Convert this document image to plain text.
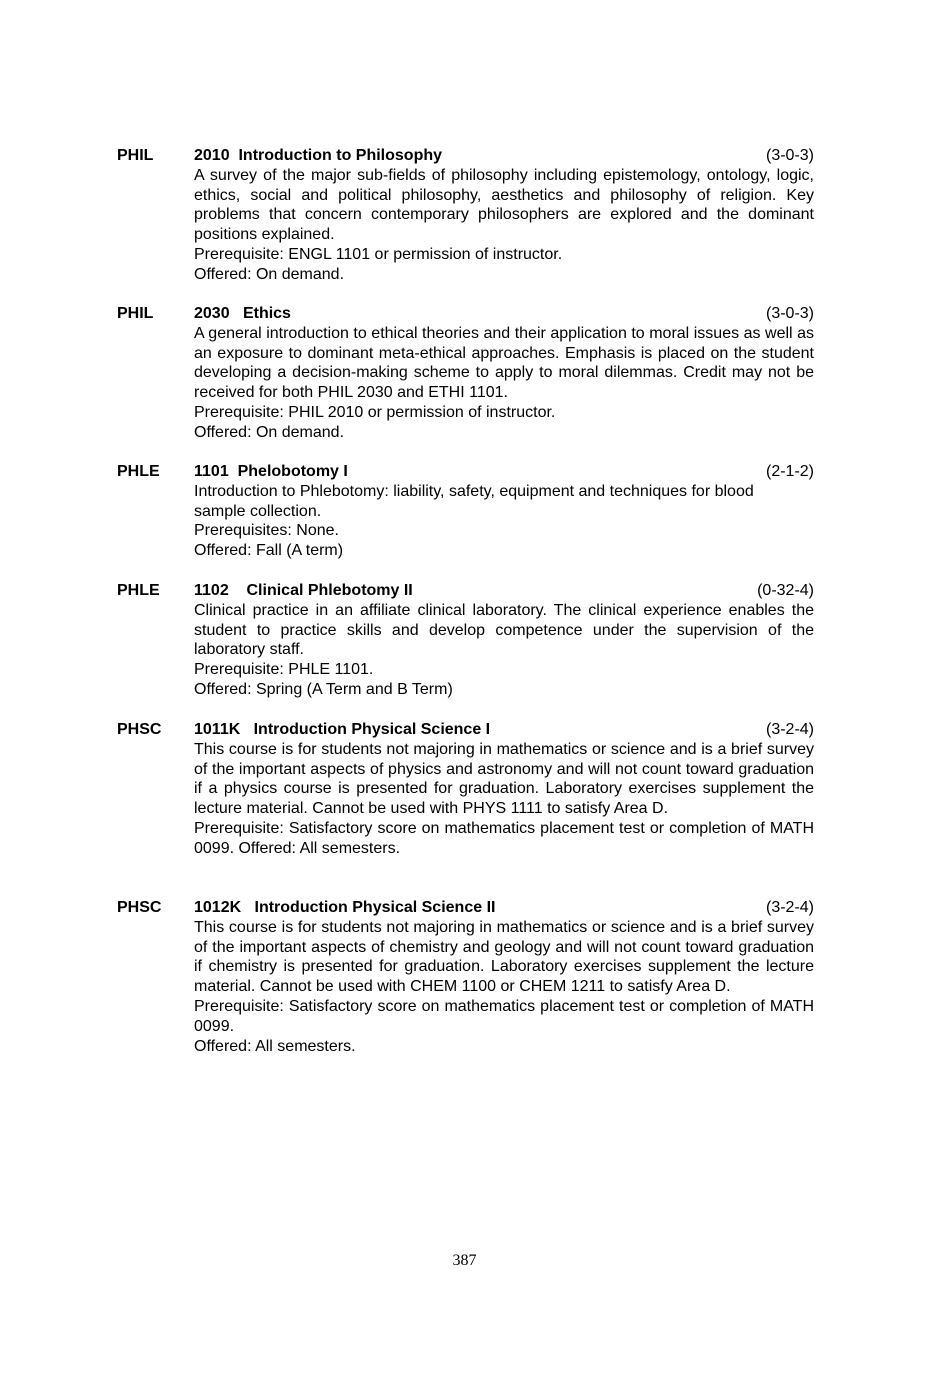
PHIL	2010 Introduction to Philosophy	(3-0-3)

A survey of the major sub-fields of philosophy including epistemology, ontology, logic, ethics, social and political philosophy, aesthetics and philosophy of religion. Key problems that concern contemporary philosophers are explored and the dominant positions explained.

Prerequisite: ENGL 1101 or permission of instructor.

Offered: On demand.

PHIL	2030 Ethics	(3-0-3)

A general introduction to ethical theories and their application to moral issues as well as an exposure to dominant meta-ethical approaches. Emphasis is placed on the student developing a decision-making scheme to apply to moral dilemmas. Credit may not be received for both PHIL 2030 and ETHI 1101.

Prerequisite: PHIL 2010 or permission of instructor.

Offered: On demand.

PHLE 1101 Phelobotomy I	(2-1-2)

Introduction to Phlebotomy: liability, safety, equipment and techniques for blood sample collection.

Prerequisites: None.

Offered: Fall (A term)

PHLE 1102 Clinical Phlebotomy II	(0-32-4)

Clinical practice in an affiliate clinical laboratory. The clinical experience enables the student to practice skills and develop competence under the supervision of the laboratory staff.

Prerequisite: PHLE 1101.

Offered: Spring (A Term and B Term)

PHSC 1011K Introduction Physical Science I	(3-2-4)

This course is for students not majoring in mathematics or science and is a brief survey of the important aspects of physics and astronomy and will not count toward graduation if a physics course is presented for graduation. Laboratory exercises supplement the lecture material. Cannot be used with PHYS 1111 to satisfy Area D.

Prerequisite: Satisfactory score on mathematics placement test or completion of MATH 0099. Offered: All semesters.

PHSC 1012K Introduction Physical Science II	(3-2-4)

This course is for students not majoring in mathematics or science and is a brief survey of the important aspects of chemistry and geology and will not count toward graduation if chemistry is presented for graduation. Laboratory exercises supplement the lecture material. Cannot be used with CHEM 1100 or CHEM 1211 to satisfy Area D.

Prerequisite: Satisfactory score on mathematics placement test or completion of MATH 0099.

Offered: All semesters.

387
